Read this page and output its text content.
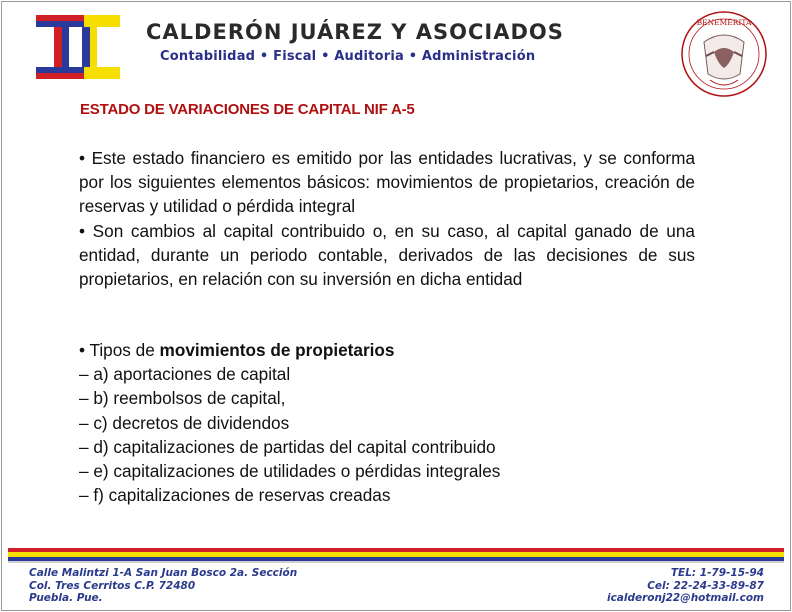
CALDERÓN JUÁREZ Y ASOCIADOS
Contabilidad • Fiscal • Auditoria • Administración
BENEMÉRITA
ESTADO DE VARIACIONES DE CAPITAL NIF A-5

• Este estado financiero es emitido por las entidades lucrativas, y se conforma por los siguientes elementos básicos: movimientos de propietarios, creación de reservas y utilidad o pérdida integral

• Son cambios al capital contribuido o, en su caso, al capital ganado de una entidad, durante un periodo contable, derivados de las decisiones de sus propietarios, en relación con su inversión en dicha entidad

• Tipos de movimientos de propietarios
– a) aportaciones de capital
– b) reembolsos de capital,
– c) decretos de dividendos
– d) capitalizaciones de partidas del capital contribuido
– e) capitalizaciones de utilidades o pérdidas integrales
– f) capitalizaciones de reservas creadas
Calle Malintzi 1-A San Juan Bosco 2a. Sección
Col. Tres Cerritos C.P. 72480
Puebla. Pue.
TEL: 1-79-15-94
Cel: 22-24-33-89-87
icalderonj22@hotmail.com
